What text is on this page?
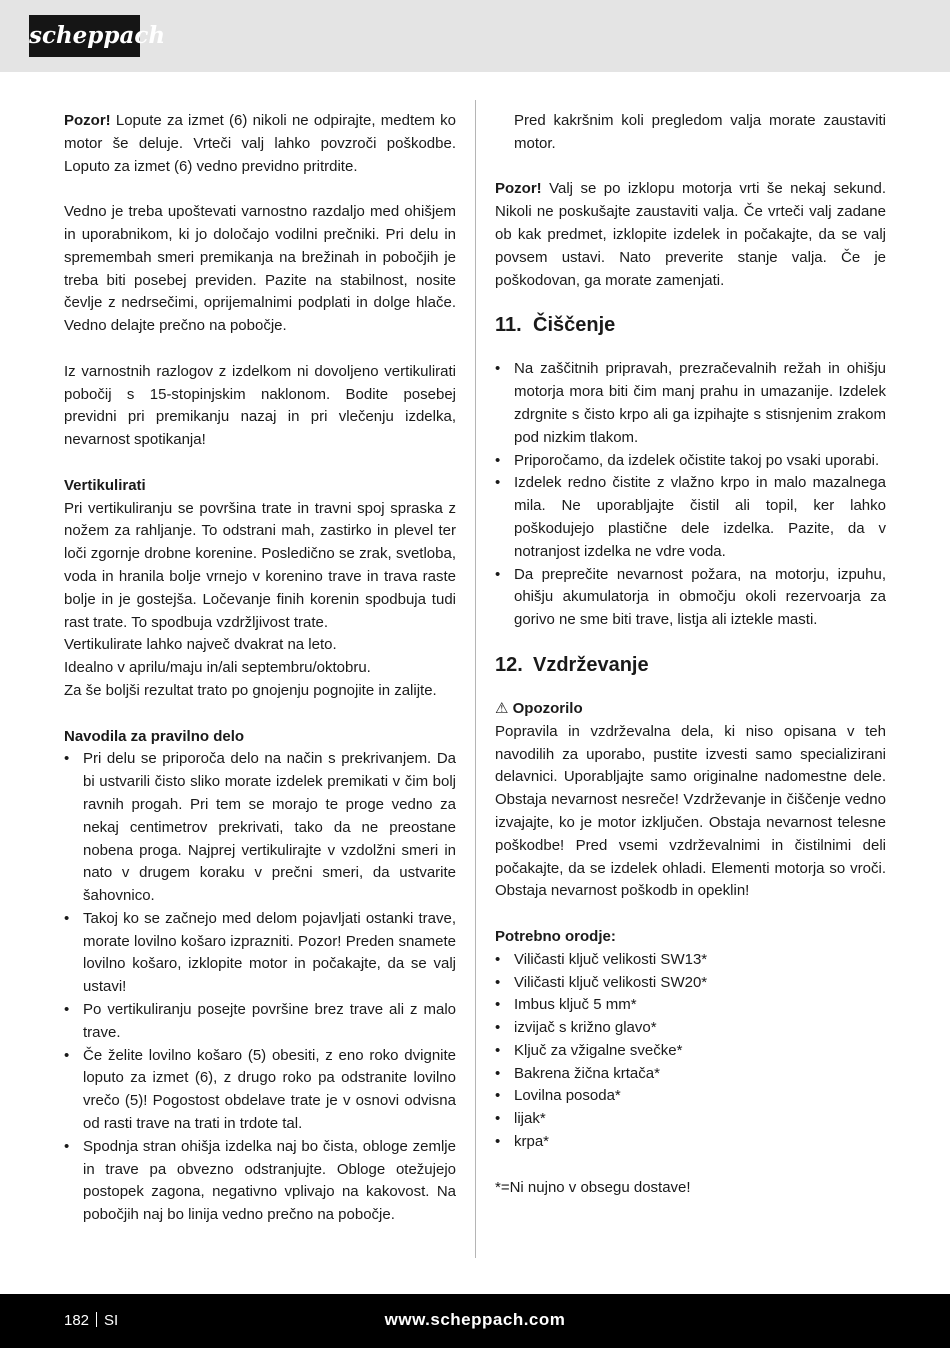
scheppach

Pozor! Lopute za izmet (6) nikoli ne odpirajte, medtem ko motor še deluje. Vrteči valj lahko povzroči poškodbe. Loputo za izmet (6) vedno previdno pritrdite.

Vedno je treba upoštevati varnostno razdaljo med ohišjem in uporabnikom, ki jo določajo vodilni prečniki. Pri delu in spremembah smeri premikanja na brežinah in pobočjih je treba biti posebej previden. Pazite na stabilnost, nosite čevlje z nedrsečimi, oprijemalnimi podplati in dolge hlače. Vedno delajte prečno na pobočje.

Iz varnostnih razlogov z izdelkom ni dovoljeno vertikulirati pobočij s 15-stopinjskim naklonom. Bodite posebej previdni pri premikanju nazaj in pri vlečenju izdelka, nevarnost spotikanja!

Vertikulirati

Pri vertikuliranju se površina trate in travni spoj spraska z nožem za rahljanje. To odstrani mah, zastirko in plevel ter loči zgornje drobne korenine. Posledično se zrak, svetloba, voda in hranila bolje vrnejo v korenino trave in trava raste bolje in je gostejša. Ločevanje finih korenin spodbuja tudi rast trate. To spodbuja vzdržljivost trate.

Vertikulirate lahko največ dvakrat na leto.

Idealno v aprilu/maju in/ali septembru/oktobru.

Za še boljši rezultat trato po gnojenju pognojite in zalijte.

Navodila za pravilno delo

• Pri delu se priporoča delo na način s prekrivanjem. Da bi ustvarili čisto sliko morate izdelek premikati v čim bolj ravnih progah. Pri tem se morajo te proge vedno za nekaj centimetrov prekrivati, tako da ne preostane nobena proga. Najprej vertikulirajte v vzdolžni smeri in nato v drugem koraku v prečni smeri, da ustvarite šahovnico.
• Takoj ko se začnejo med delom pojavljati ostanki trave, morate lovilno košaro izprazniti. Pozor! Preden snamete lovilno košaro, izklopite motor in počakajte, da se valj ustavi!
• Po vertikuliranju posejte površine brez trave ali z malo trave.
• Če želite lovilno košaro (5) obesiti, z eno roko dvignite loputo za izmet (6), z drugo roko pa odstranite lovilno vrečo (5)! Pogostost obdelave trate je v osnovi odvisna od rasti trave na trati in trdote tal.
• Spodnja stran ohišja izdelka naj bo čista, obloge zemlje in trave pa obvezno odstranjujte. Obloge otežujejo postopek zagona, negativno vplivajo na kakovost. Na pobočjih naj bo linija vedno prečno na pobočje.

Pred kakršnim koli pregledom valja morate zaustaviti motor.

Pozor! Valj se po izklopu motorja vrti še nekaj sekund. Nikoli ne poskušajte zaustaviti valja. Če vrteči valj zadane ob kak predmet, izklopite izdelek in počakajte, da se valj povsem ustavi. Nato preverite stanje valja. Če je poškodovan, ga morate zamenjati.

11. Čiščenje
• Na zaščitnih pripravah, prezračevalnih režah in ohišju motorja mora biti čim manj prahu in umazanije. Izdelek zdrgnite s čisto krpo ali ga izpihajte s stisnjenim zrakom pod nizkim tlakom.
• Priporočamo, da izdelek očistite takoj po vsaki uporabi.
• Izdelek redno čistite z vlažno krpo in malo mazalnega mila. Ne uporabljajte čistil ali topil, ker lahko poškodujejo plastične dele izdelka. Pazite, da v notranjost izdelka ne vdre voda.
• Da preprečite nevarnost požara, na motorju, izpuhu, ohišju akumulatorja in območju okoli rezervoarja za gorivo ne sme biti trave, listja ali iztekle masti.
12. Vzdrževanje

⚠ Opozorilo

Popravila in vzdrževalna dela, ki niso opisana v teh navodilih za uporabo, pustite izvesti samo specializirani delavnici. Uporabljajte samo originalne nadomestne dele. Obstaja nevarnost nesreče! Vzdrževanje in čiščenje vedno izvajajte, ko je motor izključen. Obstaja nevarnost telesne poškodbe! Pred vsemi vzdrževalnimi in čistilnimi deli počakajte, da se izdelek ohladi. Elementi motorja so vroči. Obstaja nevarnost poškodb in opeklin!

Potrebno orodje:

• Viličasti ključ velikosti SW13*
• Viličasti ključ velikosti SW20*
• Imbus ključ 5 mm*
• izvijač s križno glavo*
• Ključ za vžigalne svečke*
• Bakrena žična krtača*
• Lovilna posoda*
• lijak*
• krpa*

*=Ni nujno v obsegu dostave!

182 SI	www.scheppach.com
